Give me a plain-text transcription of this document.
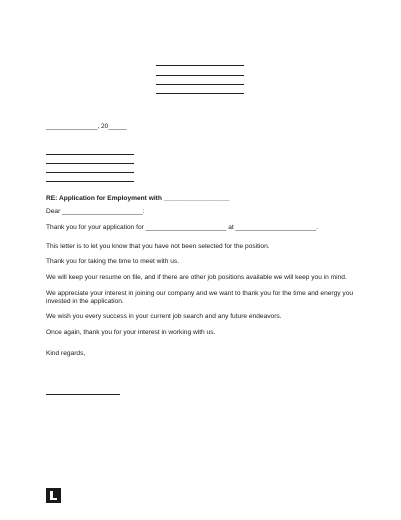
______________, 20_____
RE: Application for Employment with __________________
Dear ______________________:
Thank you for your application for ______________________ at ______________________.
This letter is to let you know that you have not been selected for the position.
Thank you for taking the time to meet with us.
We will keep your resume on file, and if there are other job positions available we will keep you in mind.
We appreciate your interest in joining our company and we want to thank you for the time and energy you
invested in the application.
We wish you every success in your current job search and any future endeavors.
Once again, thank you for your interest in working with us.
Kind regards,
